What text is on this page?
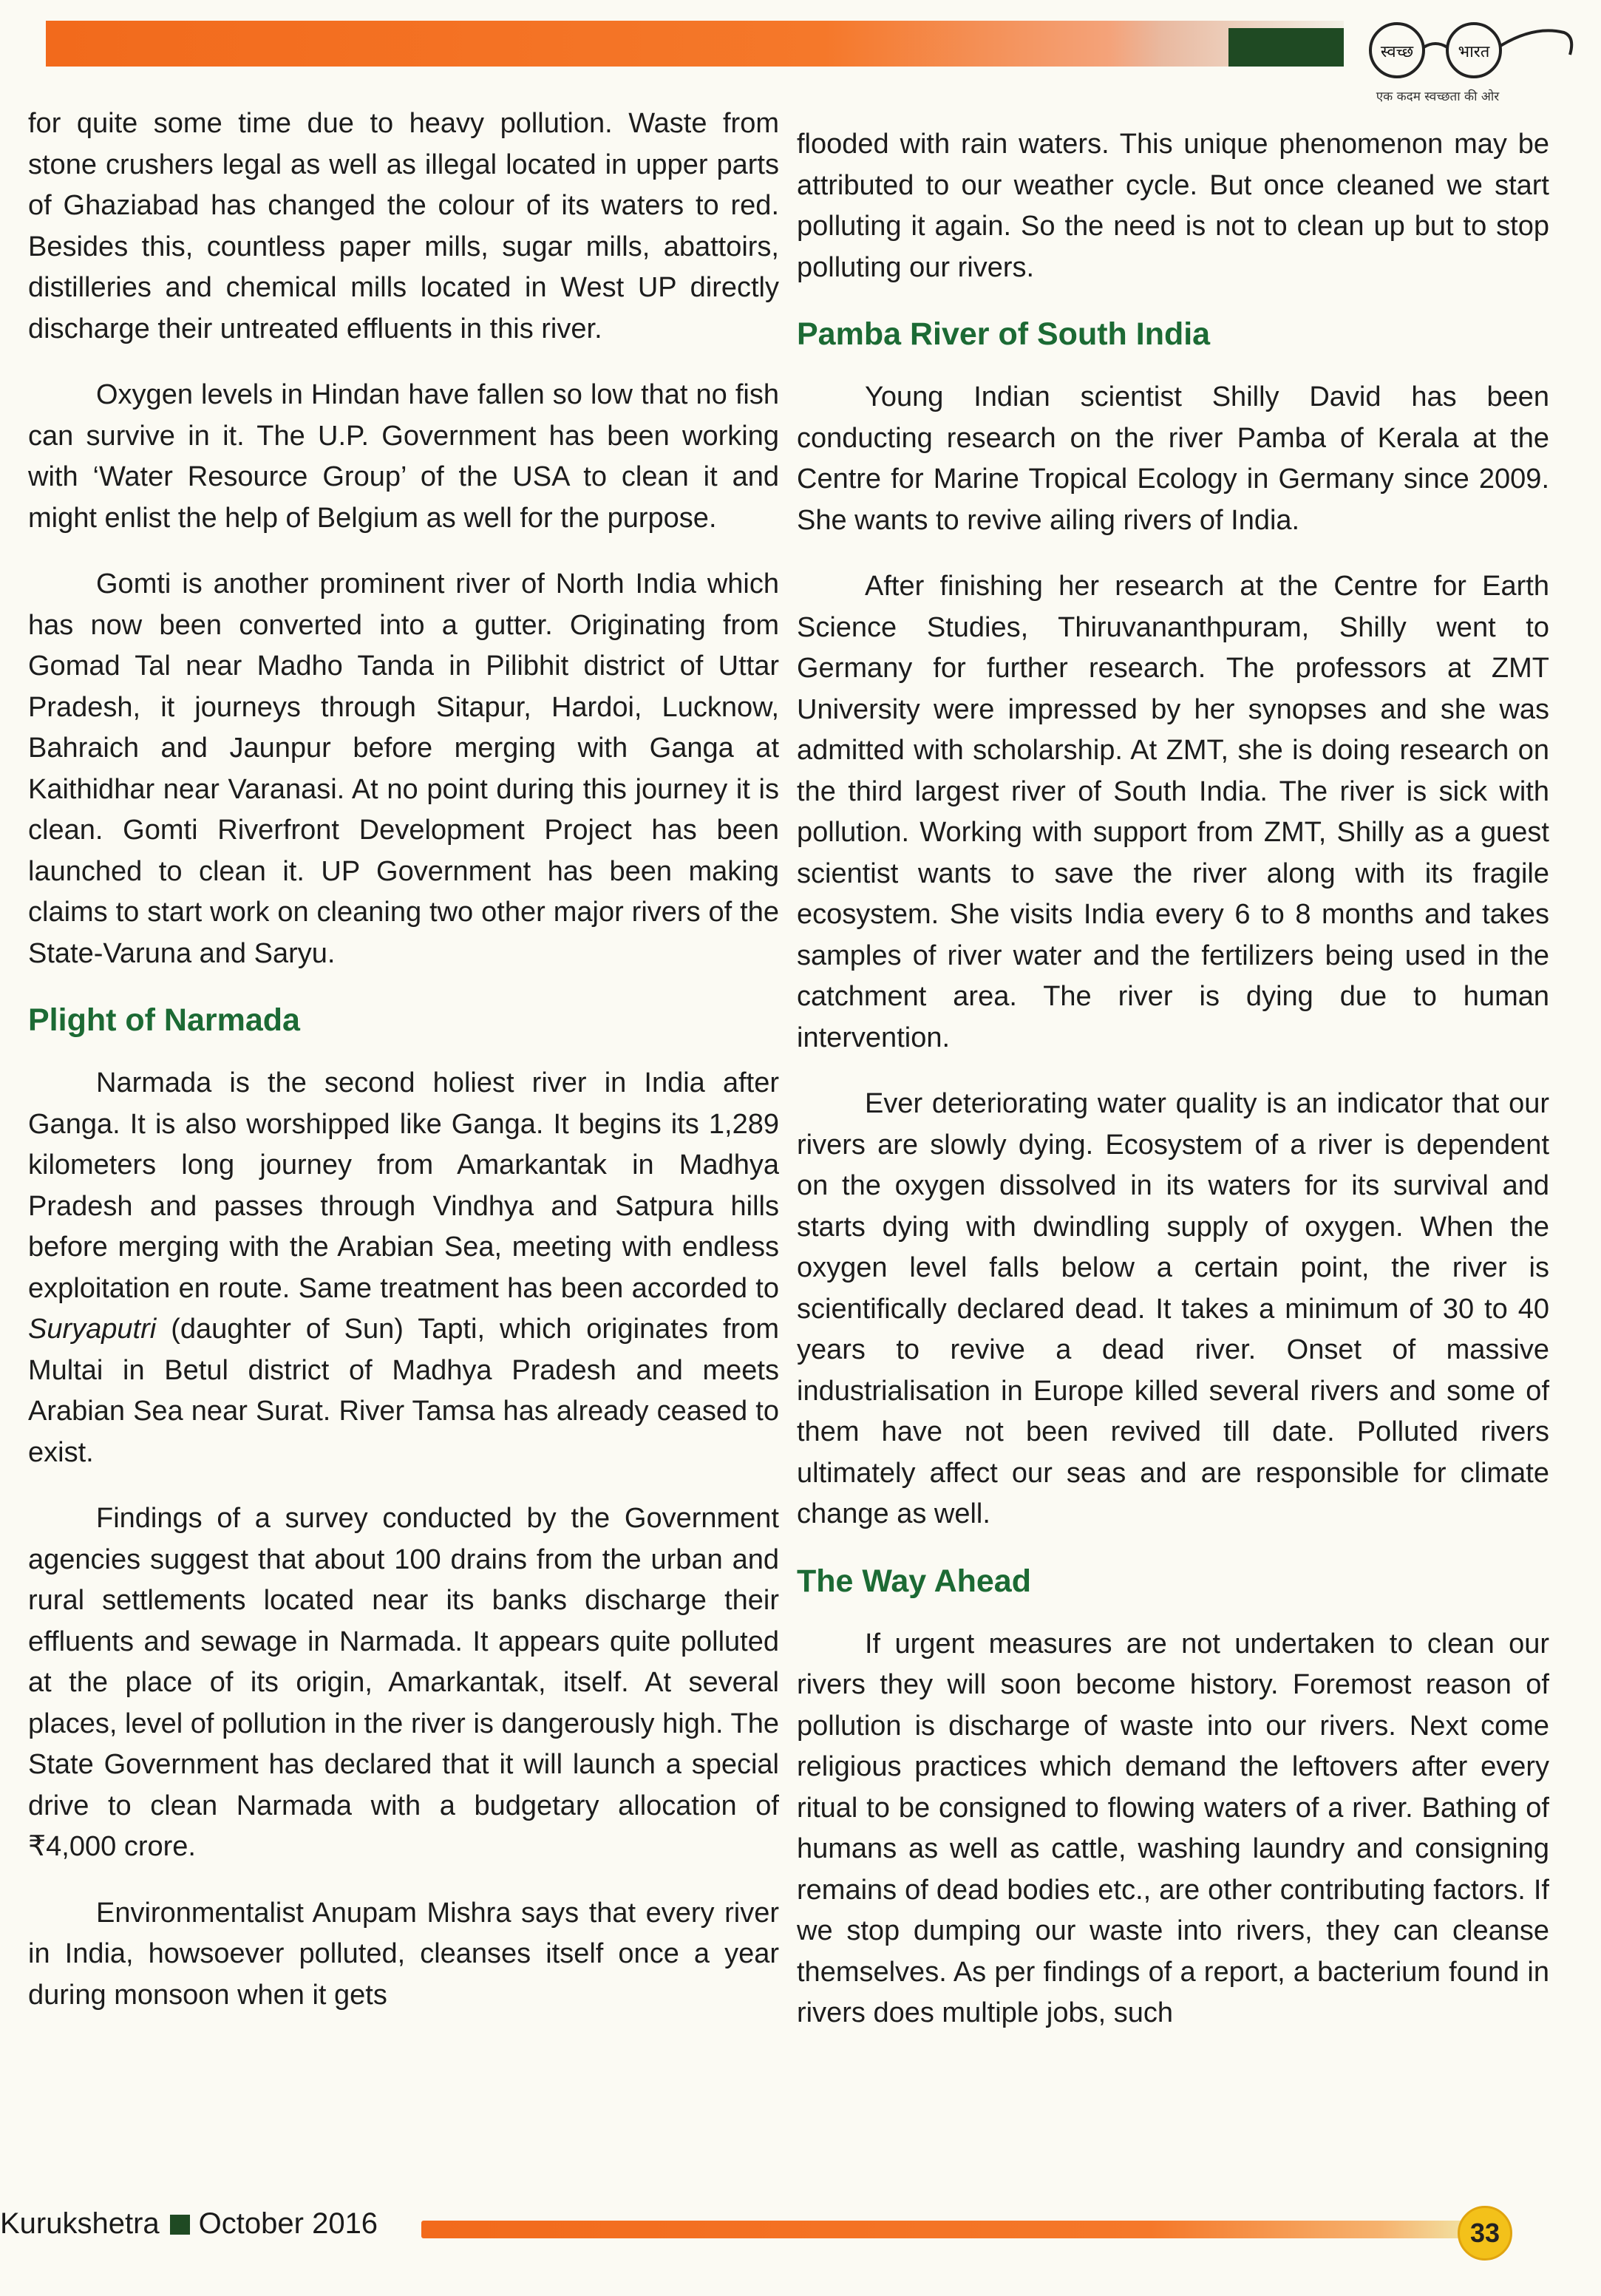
स्वच्छ	भारत
एक कदम स्वच्छता की ओर

for quite some time due to heavy pollution. Waste from stone crushers legal as well as illegal located in upper parts of Ghaziabad has changed the colour of its waters to red. Besides this, countless paper mills, sugar mills, abattoirs, distilleries and chemical mills located in West UP directly discharge their untreated effluents in this river.

Oxygen levels in Hindan have fallen so low that no fish can survive in it. The U.P. Government has been working with ‘Water Resource Group’ of the USA to clean it and might enlist the help of Belgium as well for the purpose.

Gomti is another prominent river of North India which has now been converted into a gutter. Originating from Gomad Tal near Madho Tanda in Pilibhit district of Uttar Pradesh, it journeys through Sitapur, Hardoi, Lucknow, Bahraich and Jaunpur before merging with Ganga at Kaithidhar near Varanasi. At no point during this journey it is clean. Gomti Riverfront Development Project has been launched to clean it. UP Government has been making claims to start work on cleaning two other major rivers of the State-Varuna and Saryu.

Plight of Narmada

Narmada is the second holiest river in India after Ganga. It is also worshipped like Ganga. It begins its 1,289 kilometers long journey from Amarkantak in Madhya Pradesh and passes through Vindhya and Satpura hills before merging with the Arabian Sea, meeting with endless exploitation en route. Same treatment has been accorded to Suryaputri (daughter of Sun) Tapti, which originates from Multai in Betul district of Madhya Pradesh and meets Arabian Sea near Surat. River Tamsa has already ceased to exist.

Findings of a survey conducted by the Government agencies suggest that about 100 drains from the urban and rural settlements located near its banks discharge their effluents and sewage in Narmada. It appears quite polluted at the place of its origin, Amarkantak, itself. At several places, level of pollution in the river is dangerously high. The State Government has declared that it will launch a special drive to clean Narmada with a budgetary allocation of ₹4,000 crore.

Environmentalist Anupam Mishra says that every river in India, howsoever polluted, cleanses itself once a year during monsoon when it gets

flooded with rain waters. This unique phenomenon may be attributed to our weather cycle. But once cleaned we start polluting it again. So the need is not to clean up but to stop polluting our rivers.

Pamba River of South India

Young Indian scientist Shilly David has been conducting research on the river Pamba of Kerala at the Centre for Marine Tropical Ecology in Germany since 2009. She wants to revive ailing rivers of India.

After finishing her research at the Centre for Earth Science Studies, Thiruvananthpuram, Shilly went to Germany for further research. The professors at ZMT University were impressed by her synopses and she was admitted with scholarship. At ZMT, she is doing research on the third largest river of South India. The river is sick with pollution. Working with support from ZMT, Shilly as a guest scientist wants to save the river along with its fragile ecosystem. She visits India every 6 to 8 months and takes samples of river water and the fertilizers being used in the catchment area. The river is dying due to human intervention.

Ever deteriorating water quality is an indicator that our rivers are slowly dying. Ecosystem of a river is dependent on the oxygen dissolved in its waters for its survival and starts dying with dwindling supply of oxygen. When the oxygen level falls below a certain point, the river is scientifically declared dead. It takes a minimum of 30 to 40 years to revive a dead river. Onset of massive industrialisation in Europe killed several rivers and some of them have not been revived till date. Polluted rivers ultimately affect our seas and are responsible for climate change as well.

The Way Ahead

If urgent measures are not undertaken to clean our rivers they will soon become history. Foremost reason of pollution is discharge of waste into our rivers. Next come religious practices which demand the leftovers after every ritual to be consigned to flowing waters of a river. Bathing of humans as well as cattle, washing laundry and consigning remains of dead bodies etc., are other contributing factors. If we stop dumping our waste into rivers, they can cleanse themselves. As per findings of a report, a bacterium found in rivers does multiple jobs, such

Kurukshetra October 2016	33
